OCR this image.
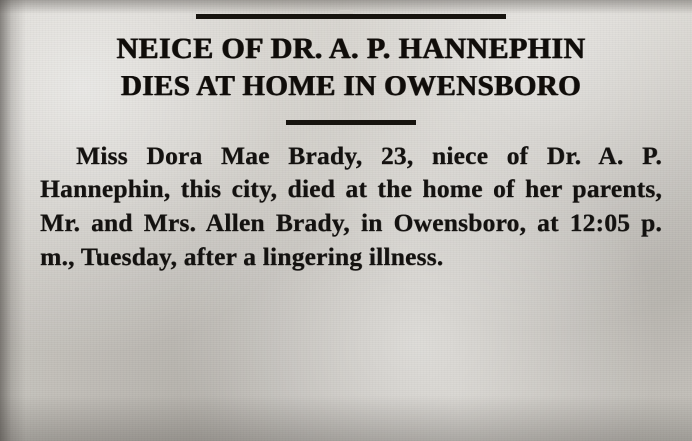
NEICE OF DR. A. P. HANNEPHIN
DIES AT HOME IN OWENSBORO

Miss Dora Mae Brady, 23, niece of Dr. A. P. Hannephin, this city, died at the home of her parents, Mr. and Mrs. Allen Brady, in Owensboro, at 12:05 p. m., Tuesday, after a lingering illness.
